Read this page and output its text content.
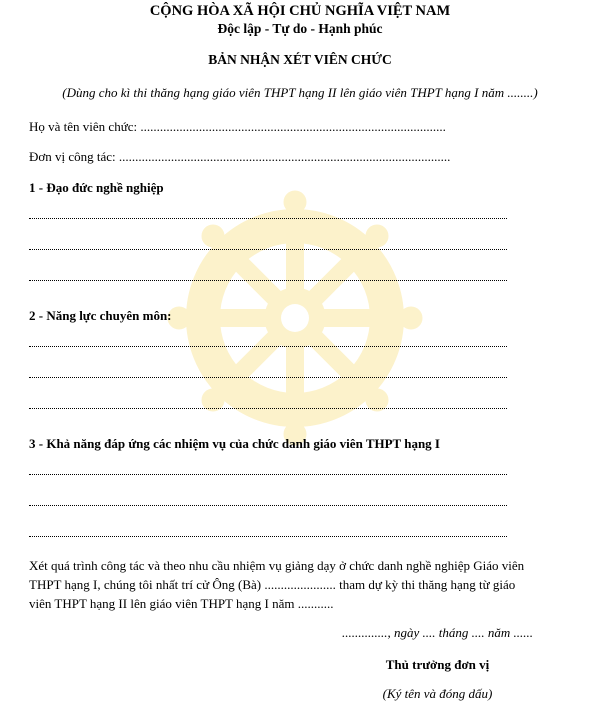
CỘNG HÒA XÃ HỘI CHỦ NGHĨA VIỆT NAM
Độc lập - Tự do - Hạnh phúc
BẢN NHẬN XÉT VIÊN CHỨC
(Dùng cho kì thi thăng hạng giáo viên THPT hạng II lên giáo viên THPT hạng I năm ........)
Họ và tên viên chức: ..............................................................................................
Đơn vị công tác: ......................................................................................................
1 - Đạo đức nghề nghiệp
2 - Năng lực chuyên môn:
3 - Khả năng đáp ứng các nhiệm vụ của chức danh giáo viên THPT hạng I
Xét quá trình công tác và theo nhu cầu nhiệm vụ giảng dạy ở chức danh nghề nghiệp Giáo viên
THPT hạng I, chúng tôi nhất trí cử Ông (Bà) ...................... tham dự kỳ thi thăng hạng từ giáo
viên THPT hạng II lên giáo viên THPT hạng I năm ...........
.............., ngày .... tháng .... năm ......
Thủ trưởng đơn vị
(Ký tên và đóng dấu)
